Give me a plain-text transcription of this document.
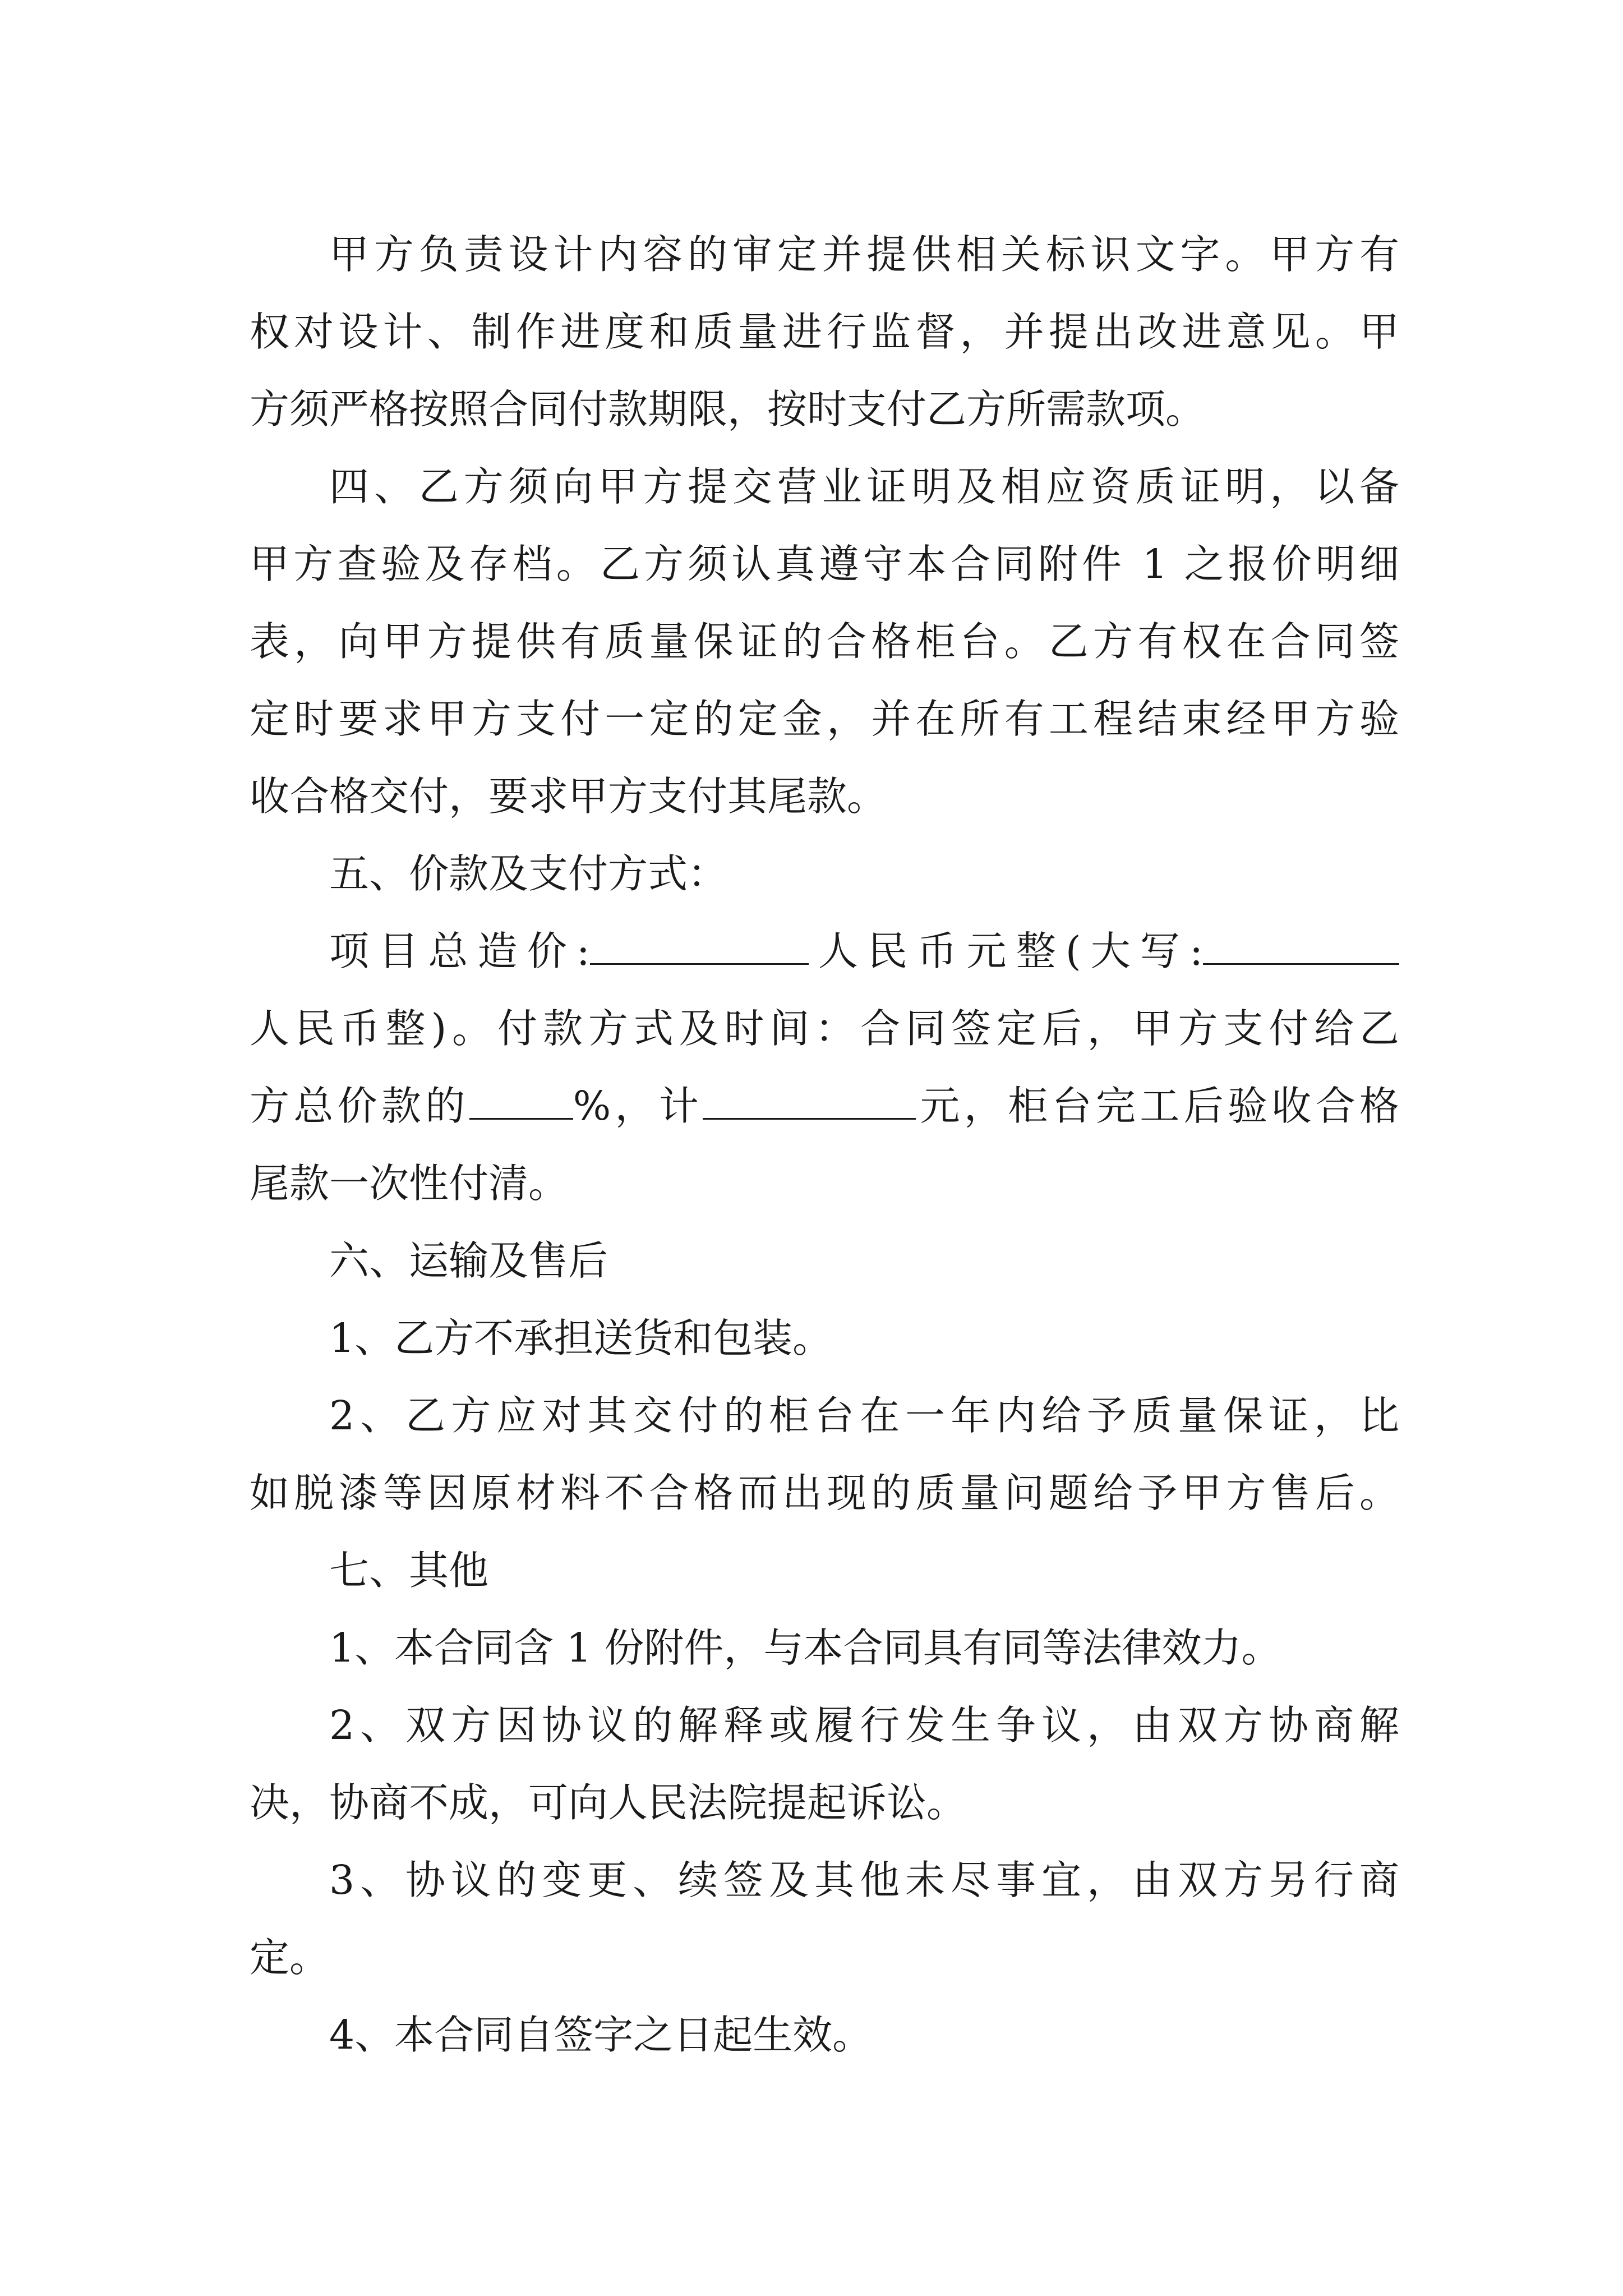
甲方负责设计内容的审定并提供相关标识文字。甲方有
权对设计、制作进度和质量进行监督，并提出改进意见。甲
方须严格按照合同付款期限，按时支付乙方所需款项。
四、乙方须向甲方提交营业证明及相应资质证明，以备
甲方查验及存档。乙方须认真遵守本合同附件 1 之报价明细
表，向甲方提供有质量保证的合格柜台。乙方有权在合同签
定时要求甲方支付一定的定金，并在所有工程结束经甲方验
收合格交付，要求甲方支付其尾款。
五、价款及支付方式：
项目总造价:	人民币元整(大写:
人民币整)。付款方式及时间：合同签定后，甲方支付给乙
方总价款的	%，计	元，柜台完工后验收合格
尾款一次性付清。
六、运输及售后
1、乙方不承担送货和包装。
2、乙方应对其交付的柜台在一年内给予质量保证，比
如脱漆等因原材料不合格而出现的质量问题给予甲方售后。
七、其他
1、本合同含 1 份附件，与本合同具有同等法律效力。
2、双方因协议的解释或履行发生争议，由双方协商解
决，协商不成，可向人民法院提起诉讼。
3、协议的变更、续签及其他未尽事宜，由双方另行商
定。
4、本合同自签字之日起生效。
